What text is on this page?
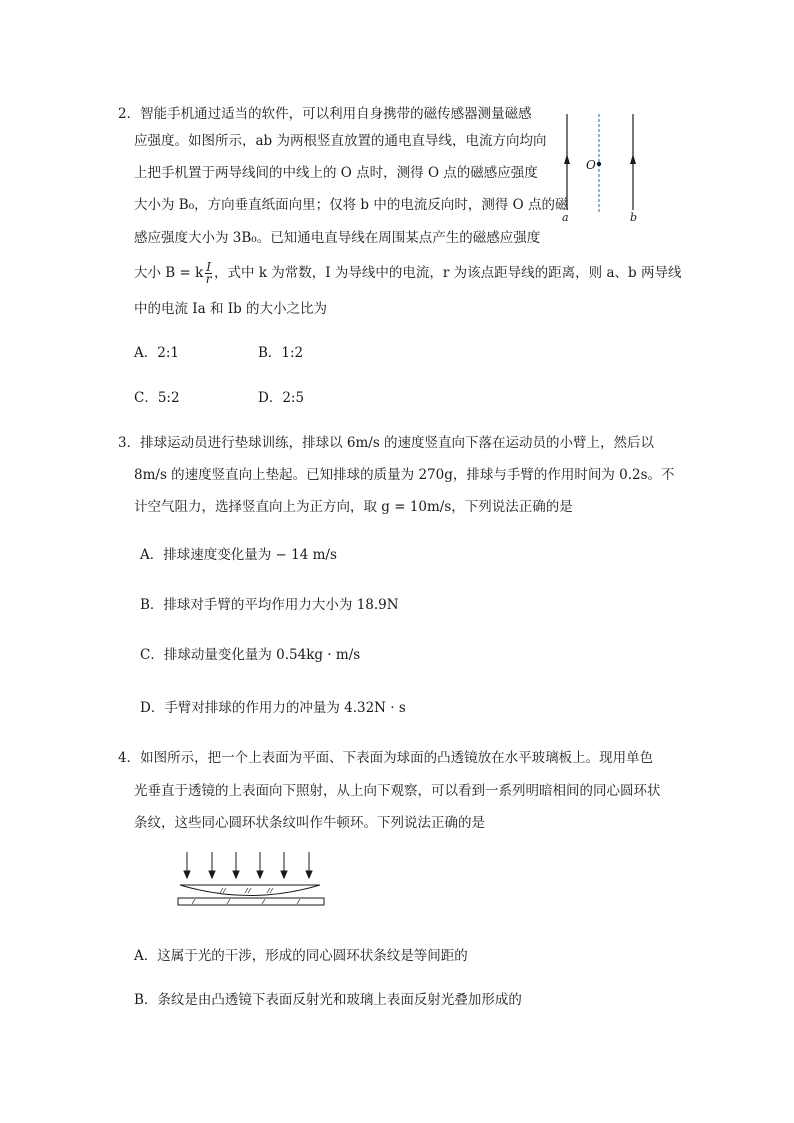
2．智能手机通过适当的软件，可以利用自身携带的磁传感器测量磁感
应强度。如图所示，ab 为两根竖直放置的通电直导线，电流方向均向
上把手机置于两导线间的中线上的 O 点时，测得 O 点的磁感应强度
大小为 B₀，方向垂直纸面向里；仅将 b 中的电流反向时，测得 O 点的磁
感应强度大小为 3B₀。已知通电直导线在周围某点产生的磁感应强度
大小 B = k $\frac{I}{r}$ ，式中 k 为常数，I 为导线中的电流，r 为该点距导线的距离，则 a、b 两导线
中的电流 Ia 和 Ib 的大小之比为
A．2:1	B．1:2
C．5:2	D．2:5
O
a	b
3．排球运动员进行垫球训练，排球以 6m/s 的速度竖直向下落在运动员的小臂上，然后以
8m/s 的速度竖直向上垫起。已知排球的质量为 270g，排球与手臂的作用时间为 0.2s。不
计空气阻力，选择竖直向上为正方向，取 g = 10m/s，下列说法正确的是
A．排球速度变化量为 − 14 m/s
B．排球对手臂的平均作用力大小为 18.9N
C．排球动量变化量为 0.54kg · m/s
D．手臂对排球的作用力的冲量为 4.32N · s
4．如图所示，把一个上表面为平面、下表面为球面的凸透镜放在水平玻璃板上。现用单色
光垂直于透镜的上表面向下照射，从上向下观察，可以看到一系列明暗相间的同心圆环状
条纹，这些同心圆环状条纹叫作牛顿环。下列说法正确的是
A．这属于光的干涉，形成的同心圆环状条纹是等间距的
B．条纹是由凸透镜下表面反射光和玻璃上表面反射光叠加形成的
